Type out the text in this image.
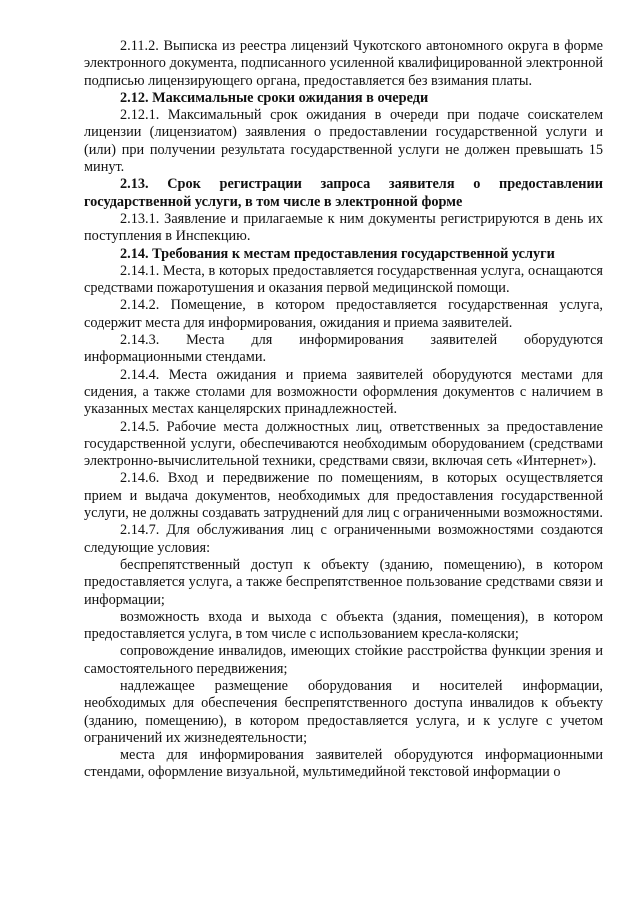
2.11.2. Выписка из реестра лицензий Чукотского автономного округа в форме электронного документа, подписанного усиленной квалифицированной электронной подписью лицензирующего органа, предоставляется без взимания платы.

2.12. Максимальные сроки ожидания в очереди

2.12.1. Максимальный срок ожидания в очереди при подаче соискателем лицензии (лицензиатом) заявления о предоставлении государственной услуги и (или) при получении результата государственной услуги не должен превышать 15 минут.

2.13. Срок регистрации запроса заявителя о предоставлении государственной услуги, в том числе в электронной форме

2.13.1. Заявление и прилагаемые к ним документы регистрируются в день их поступления в Инспекцию.

2.14. Требования к местам предоставления государственной услуги

2.14.1. Места, в которых предоставляется государственная услуга, оснащаются средствами пожаротушения и оказания первой медицинской помощи.

2.14.2. Помещение, в котором предоставляется государственная услуга, содержит места для информирования, ожидания и приема заявителей.

2.14.3. Места для информирования заявителей оборудуются информационными стендами.

2.14.4. Места ожидания и приема заявителей оборудуются местами для сидения, а также столами для возможности оформления документов с наличием в указанных местах канцелярских принадлежностей.

2.14.5. Рабочие места должностных лиц, ответственных за предоставление государственной услуги, обеспечиваются необходимым оборудованием (средствами электронно-вычислительной техники, средствами связи, включая сеть «Интернет»).

2.14.6. Вход и передвижение по помещениям, в которых осуществляется прием и выдача документов, необходимых для предоставления государственной услуги, не должны создавать затруднений для лиц с ограниченными возможностями.

2.14.7. Для обслуживания лиц с ограниченными возможностями создаются следующие условия:

беспрепятственный доступ к объекту (зданию, помещению), в котором предоставляется услуга, а также беспрепятственное пользование средствами связи и информации;

возможность входа и выхода с объекта (здания, помещения), в котором предоставляется услуга, в том числе с использованием кресла-коляски;

сопровождение инвалидов, имеющих стойкие расстройства функции зрения и самостоятельного передвижения;

надлежащее размещение оборудования и носителей информации, необходимых для обеспечения беспрепятственного доступа инвалидов к объекту (зданию, помещению), в котором предоставляется услуга, и к услуге с учетом ограничений их жизнедеятельности;

места для информирования заявителей оборудуются информационными стендами, оформление визуальной, мультимедийной текстовой информации о
